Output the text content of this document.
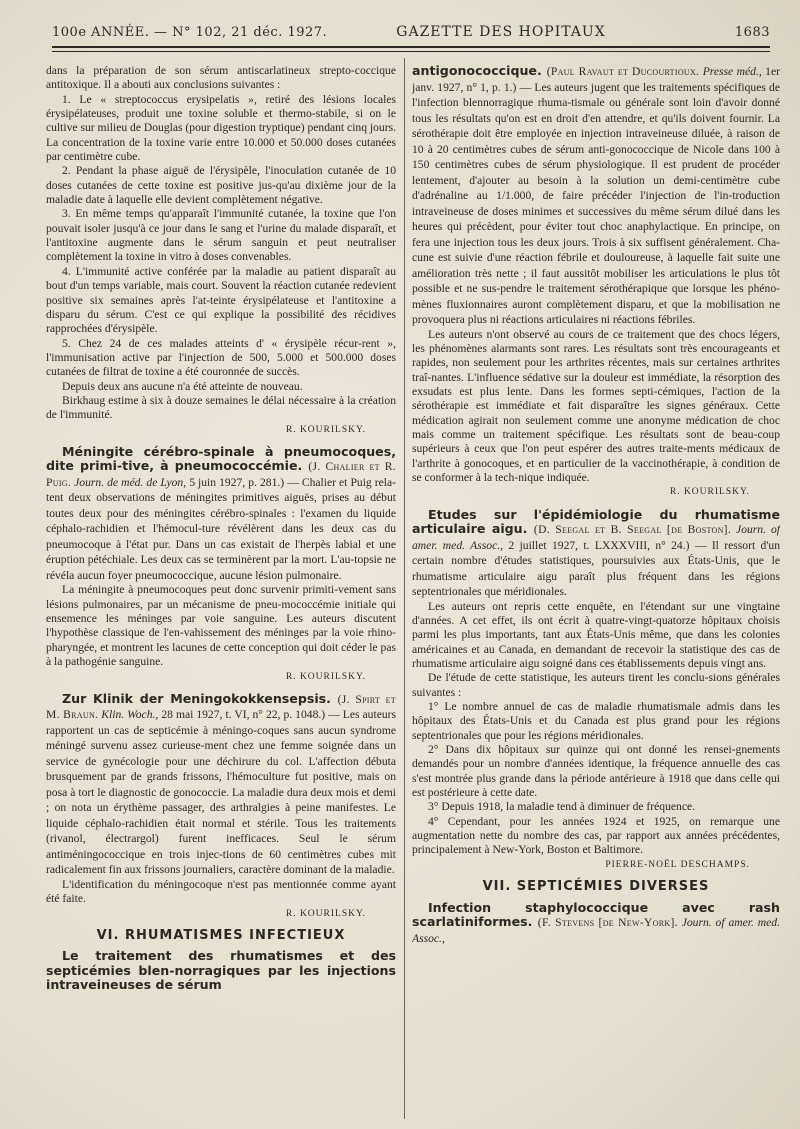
100e ANNÉE. — N° 102, 21 déc. 1927.	GAZETTE DES HOPITAUX	1683

dans la préparation de son sérum antiscarlatineux strepto-coccique antitoxique. Il a abouti aux conclusions suivantes :

1. Le « streptococcus erysipelatis », retiré des lésions locales érysipélateuses, produit une toxine soluble et thermo-stabile, si on le cultive sur milieu de Douglas (pour digestion tryptique) pendant cinq jours. La concentration de la toxine varie entre 10.000 et 50.000 doses cutanées par centimètre cube.

2. Pendant la phase aiguë de l'érysipèle, l'inoculation cutanée de 10 doses cutanées de cette toxine est positive jus-qu'au dixième jour de la maladie date à laquelle elle devient complètement négative.

3. En même temps qu'apparaît l'immunité cutanée, la toxine que l'on pouvait isoler jusqu'à ce jour dans le sang et l'urine du malade disparaît, et l'antitoxine augmente dans le sérum sanguin et peut neutraliser complètement la toxine in vitro à doses convenables.

4. L'immunité active conférée par la maladie au patient disparaît au bout d'un temps variable, mais court. Souvent la réaction cutanée redevient positive six semaines après l'at-teinte érysipélateuse et l'antitoxine a disparu du sérum. C'est ce qui explique la possibilité des récidives rapprochées d'érysipèle.

5. Chez 24 de ces malades atteints d' « érysipèle récur-rent », l'immunisation active par l'injection de 500, 5.000 et 500.000 doses cutanées de filtrat de toxine a été couronnée de succès.

Depuis deux ans aucune n'a été atteinte de nouveau.

Birkhaug estime à six à douze semaines le délai nécessaire à la création de l'immunité.

R. KOURILSKY.

Méningite cérébro-spinale à pneumocoques, dite primi-tive, à pneumococcémie. (J. Chalier et R. Puig. Journ. de méd. de Lyon, 5 juin 1927, p. 281.) — Chalier et Puig rela-tent deux observations de méningites primitives aiguës, prises au début toutes deux pour des méningites cérébro-spinales : l'examen du liquide céphalo-rachidien et l'hémocul-ture révélèrent dans les deux cas du pneumocoque à l'état pur. Dans un cas existait de l'herpès labial et une éruption pétéchiale. Les deux cas se terminèrent par la mort. L'au-topsie ne révéla aucun foyer pneumococcique, aucune lésion pulmonaire.

La méningite à pneumocoques peut donc survenir primiti-vement sans lésions pulmonaires, par un mécanisme de pneu-mococcémie initiale qui ensemence les méninges par voie sanguine. Les auteurs discutent l'hypothèse classique de l'en-vahissement des méninges par la voie rhino-pharyngée, et montrent les lacunes de cette conception qui doit céder le pas à la pathogénie sanguine.

R. KOURILSKY.

Zur Klinik der Meningokokkensepsis. (J. Spirt et M. Braun. Klin. Woch., 28 mai 1927, t. VI, n° 22, p. 1048.) — Les auteurs rapportent un cas de septicémie à méningo-coques sans aucun syndrome méningé survenu assez curieuse-ment chez une femme soignée dans un service de gynécologie pour une déchirure du col. L'affection débuta brusquement par de grands frissons, l'hémoculture fut positive, mais on posa à tort le diagnostic de gonococcie. La maladie dura deux mois et demi ; on nota un érythème passager, des arthralgies à peine manifestes. Le liquide céphalo-rachidien était normal et stérile. Tous les traitements (rivanol, électrargol) furent inefficaces. Seul le sérum antiméningococcique en trois injec-tions de 60 centimètres cubes mit radicalement fin aux frissons journaliers, caractère dominant de la maladie.

L'identification du méningocoque n'est pas mentionnée comme ayant été faite.

R. KOURILSKY.
VI. RHUMATISMES INFECTIEUX

Le traitement des rhumatismes et des septicémies blen-norragiques par les injections intraveineuses de sérum

antigonococcique. (Paul Ravaut et Ducourtioux. Presse méd., 1er janv. 1927, n° 1, p. 1.) — Les auteurs jugent que les traitements spécifiques de l'infection blennorragique rhuma-tismale ou générale sont loin d'avoir donné tous les résultats qu'on est en droit d'en attendre, et qu'ils doivent fournir. La sérothérapie doit être employée en injection intraveineuse diluée, à raison de 10 à 20 centimètres cubes de sérum anti-gonococcique de Nicole dans 100 à 150 centimètres cubes de sérum physiologique. Il est prudent de procéder lentement, d'ajouter au besoin à la solution un demi-centimètre cube d'adrénaline au 1/1.000, de faire précéder l'injection de l'in-troduction intraveineuse de doses minimes et successives du même sérum dilué dans les heures qui précèdent, pour éviter tout choc anaphylactique. En principe, on fera une injection tous les deux jours. Trois à six suffisent généralement. Cha-cune est suivie d'une réaction fébrile et douloureuse, à laquelle fait suite une amélioration très nette ; il faut aussitôt mobiliser les articulations le plus tôt possible et ne sus-pendre le traitement sérothérapique que lorsque les phéno-mènes fluxionnaires auront complètement disparu, et que la mobilisation ne provoquera plus ni réactions articulaires ni réactions fébriles.

Les auteurs n'ont observé au cours de ce traitement que des chocs légers, les phénomènes alarmants sont rares. Les résultats sont très encourageants et rapides, non seulement pour les arthrites récentes, mais sur certaines arthrites traî-nantes. L'influence sédative sur la douleur est immédiate, la résorption des exsudats est plus lente. Dans les formes septi-cémiques, l'action de la sérothérapie est immédiate et fait disparaître les signes généraux. Cette médication agirait non seulement comme une anonyme médication de choc mais comme un traitement spécifique. Les résultats sont de beau-coup supérieurs à ceux que l'on peut espérer des autres traite-ments médicaux de l'arthrite à gonocoques, et en particulier de la vaccinothérapie, à condition de se conformer à la tech-nique indiquée.

R. KOURILSKY.

Etudes sur l'épidémiologie du rhumatisme articulaire aigu. (D. Seegal et B. Seegal [de Boston]. Journ. of amer. med. Assoc., 2 juillet 1927, t. LXXXVIII, n° 24.) — Il ressort d'un certain nombre d'études statistiques, poursuivies aux États-Unis, que le rhumatisme articulaire aigu paraît plus fréquent dans les régions septentrionales que méridionales.

Les auteurs ont repris cette enquête, en l'étendant sur une vingtaine d'années. A cet effet, ils ont écrit à quatre-vingt-quatorze hôpitaux choisis parmi les plus importants, tant aux États-Unis même, que dans les colonies américaines et au Canada, en demandant de recevoir la statistique des cas de rhumatisme articulaire aigu soigné dans ces établissements depuis vingt ans.

De l'étude de cette statistique, les auteurs tirent les conclu-sions générales suivantes :

1° Le nombre annuel de cas de maladie rhumatismale admis dans les hôpitaux des États-Unis et du Canada est plus grand pour les régions septentrionales que pour les régions méridionales.

2° Dans dix hôpitaux sur quinze qui ont donné les rensei-gnements demandés pour un nombre d'années identique, la fréquence annuelle des cas s'est montrée plus grande dans la période antérieure à 1918 que dans celle qui est postérieure à cette date.

3° Depuis 1918, la maladie tend à diminuer de fréquence.

4° Cependant, pour les années 1924 et 1925, on remarque une augmentation nette du nombre des cas, par rapport aux années précédentes, principalement à New-York, Boston et Baltimore.

PIERRE-NOËL DESCHAMPS.
VII. SEPTICÉMIES DIVERSES

Infection staphylococcique avec rash scarlatiniformes. (F. Stevens [de New-York]. Journ. of amer. med. Assoc.,
